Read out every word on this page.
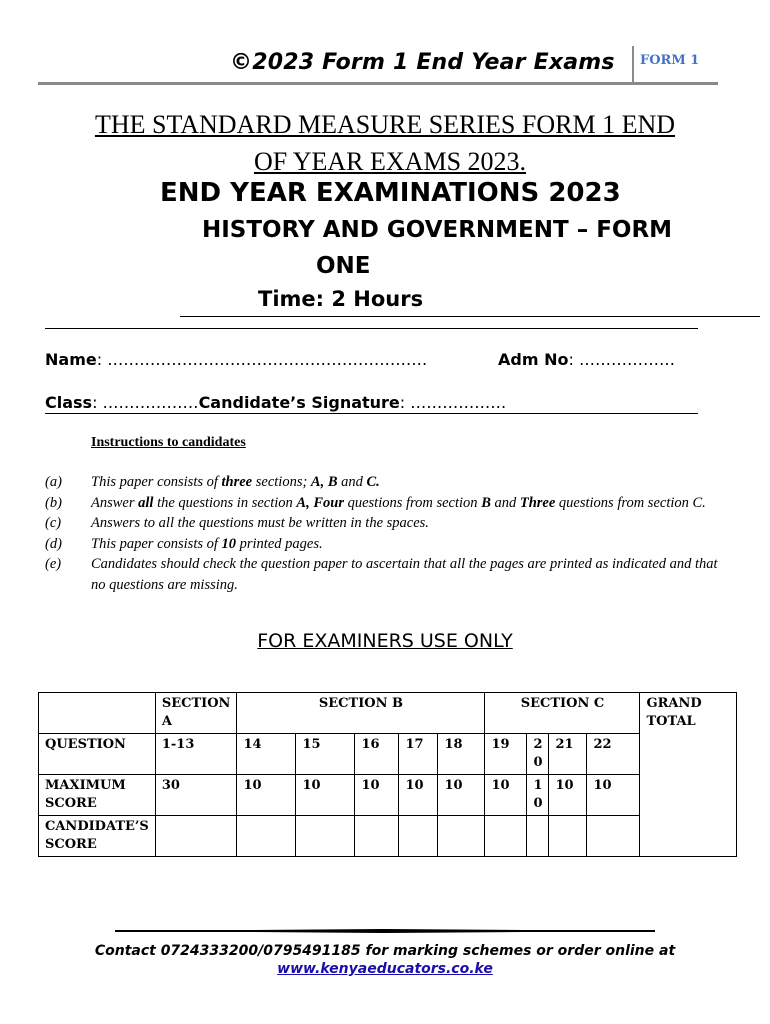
©2023 Form 1 End Year Exams FORM 1
THE STANDARD MEASURE SERIES FORM 1 END
OF YEAR EXAMS 2023.
END YEAR EXAMINATIONS 2023
HISTORY AND GOVERNMENT – FORM
ONE
Time: 2 Hours
Name: ……………………………………………………	Adm No: ………………
Class: ………………Candidate’s Signature: ………………
Instructions to candidates
(a)	This paper consists of three sections; A, B and C.
(b)	Answer all the questions in section A, Four questions from section B and Three questions from section C.
(c)	Answers to all the questions must be written in the spaces.
(d)	This paper consists of 10 printed pages.
(e)	Candidates should check the question paper to ascertain that all the pages are printed as indicated and that no questions are missing.
FOR EXAMINERS USE ONLY
	SECTION A	SECTION B					SECTION C				GRAND TOTAL
QUESTION	1-13	14	15	16	17	18	19	20	21	22	
MAXIMUM SCORE	30	10	10	10	10	10	10	10	10	10	
CANDIDATE’S SCORE											
Contact 0724333200/0795491185 for marking schemes or order online at
www.kenyaeducators.co.ke
